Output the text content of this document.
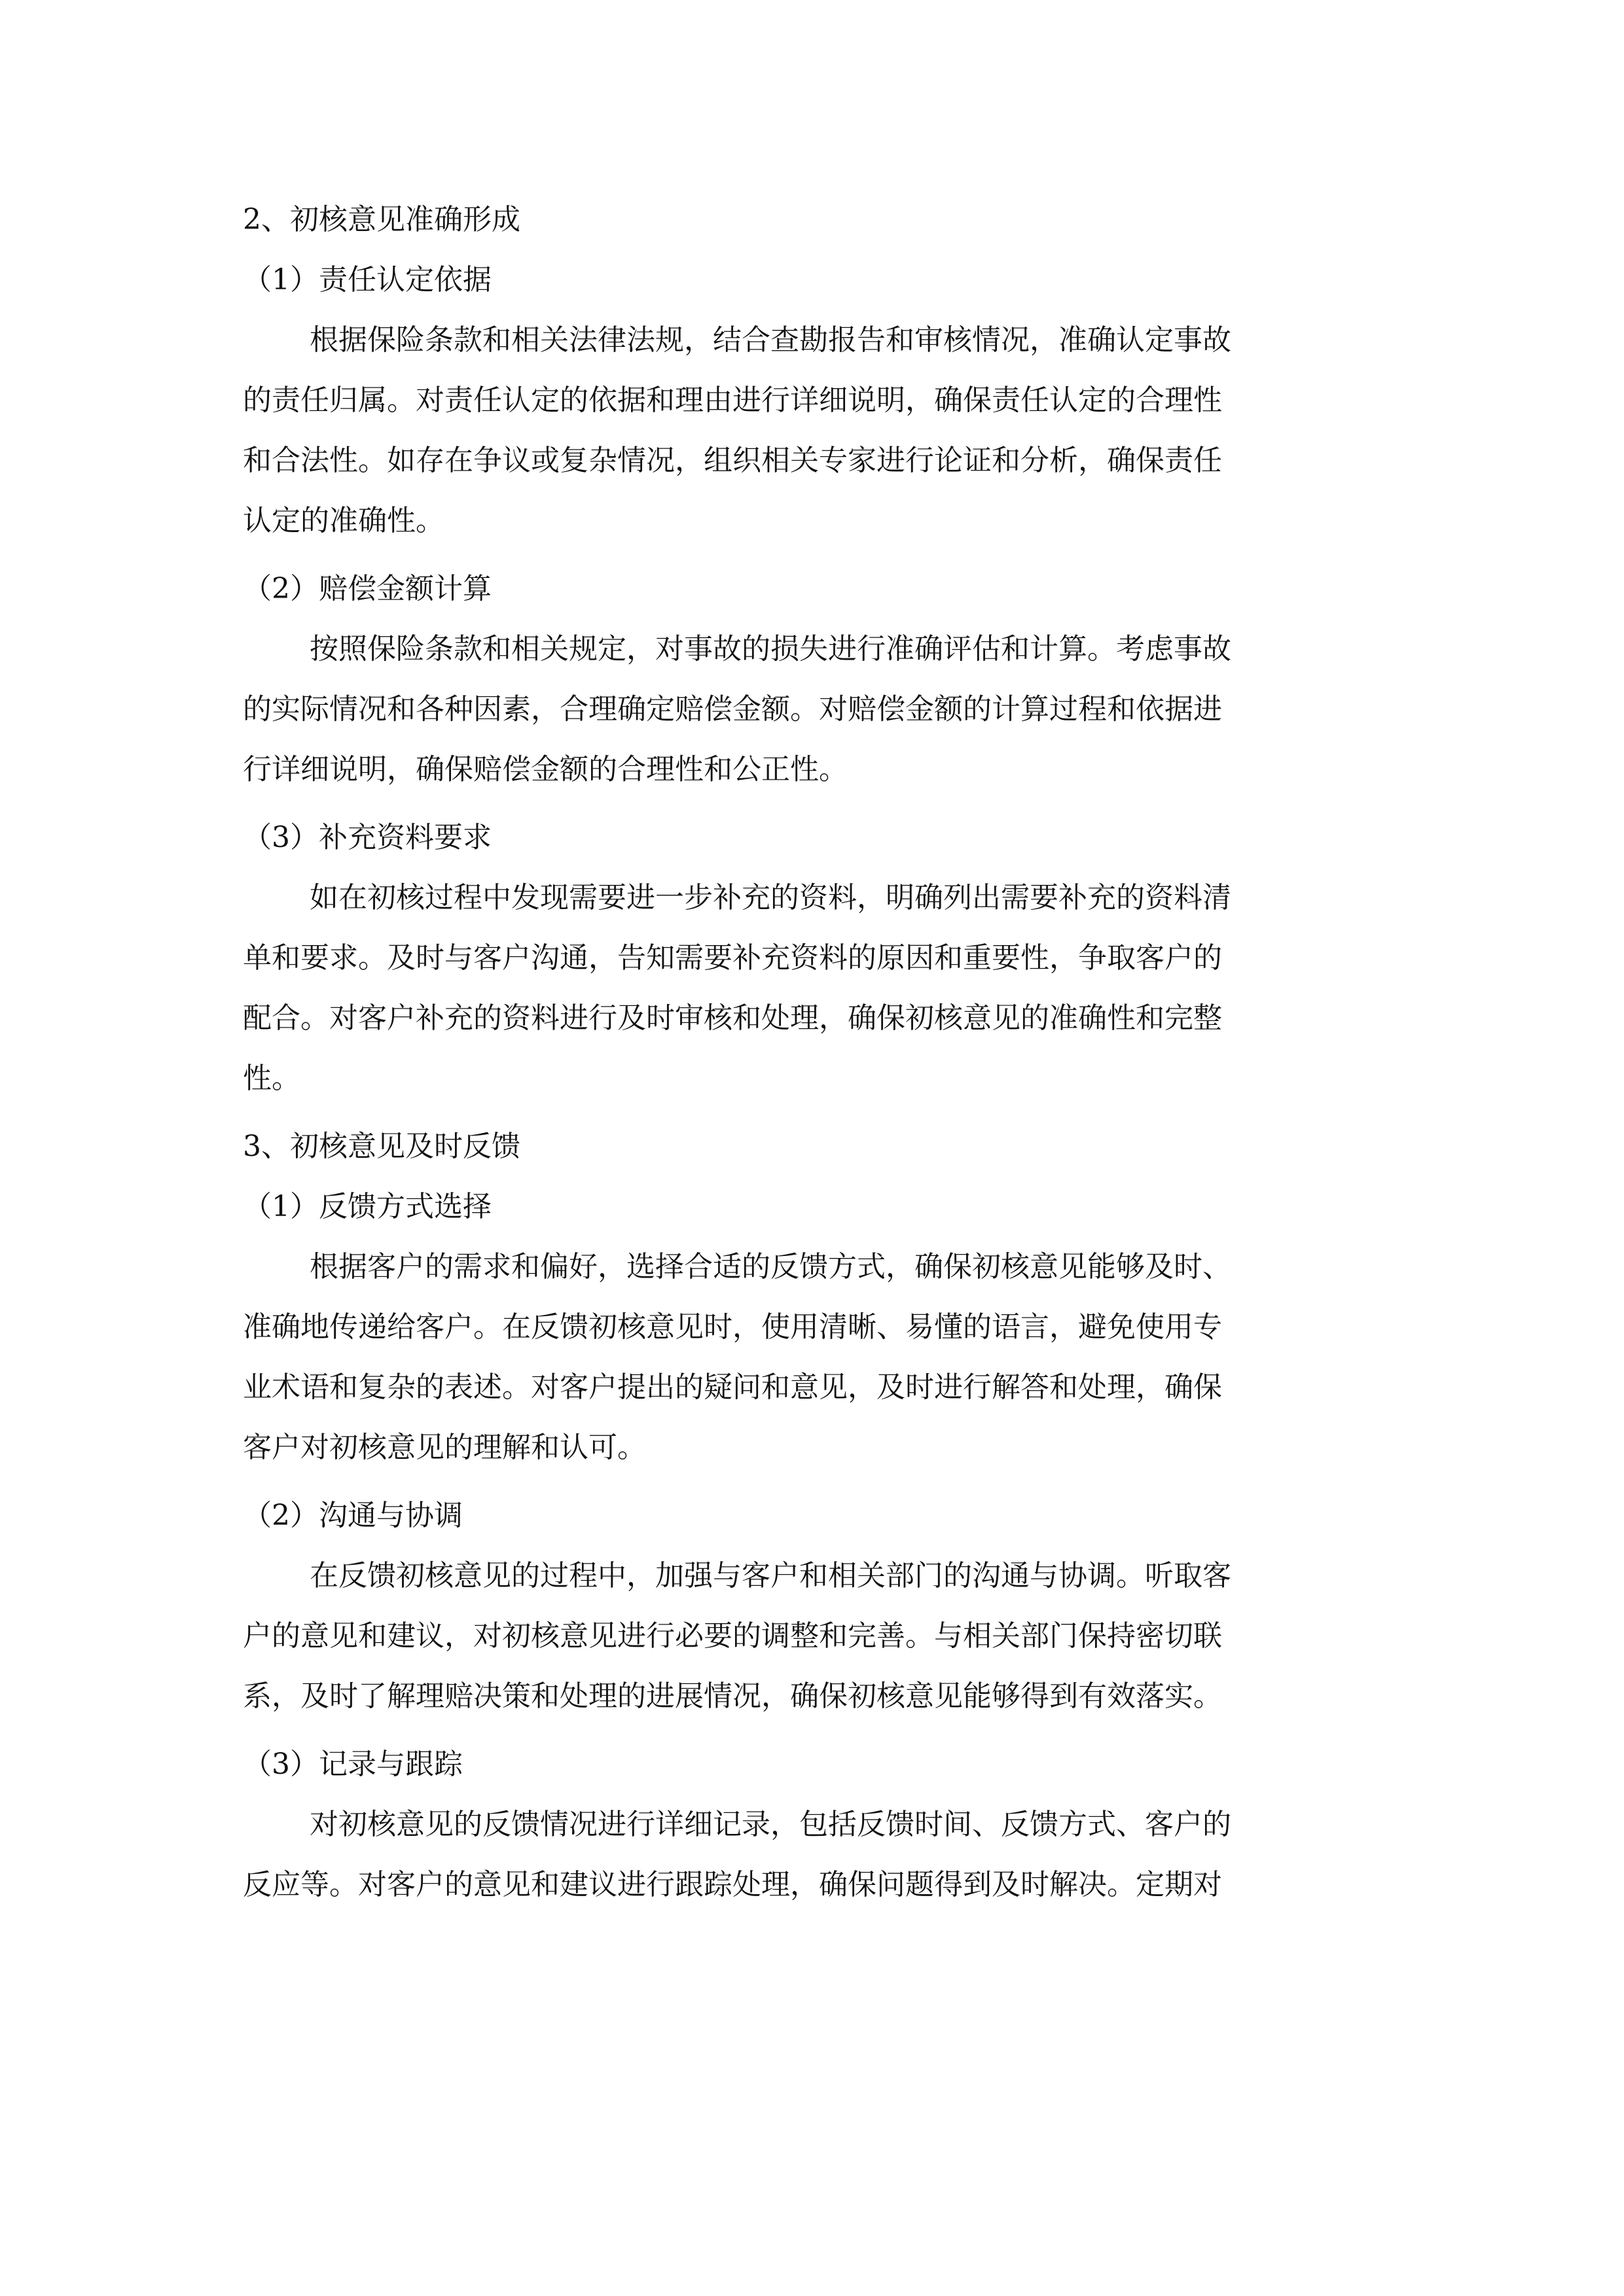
2、初核意见准确形成
（1）责任认定依据
根据保险条款和相关法律法规，结合查勘报告和审核情况，准确认定事故
的责任归属。对责任认定的依据和理由进行详细说明，确保责任认定的合理性
和合法性。如存在争议或复杂情况，组织相关专家进行论证和分析，确保责任
认定的准确性。
（2）赔偿金额计算
按照保险条款和相关规定，对事故的损失进行准确评估和计算。考虑事故
的实际情况和各种因素，合理确定赔偿金额。对赔偿金额的计算过程和依据进
行详细说明，确保赔偿金额的合理性和公正性。
（3）补充资料要求
如在初核过程中发现需要进一步补充的资料，明确列出需要补充的资料清
单和要求。及时与客户沟通，告知需要补充资料的原因和重要性，争取客户的
配合。对客户补充的资料进行及时审核和处理，确保初核意见的准确性和完整
性。
3、初核意见及时反馈
（1）反馈方式选择
根据客户的需求和偏好，选择合适的反馈方式，确保初核意见能够及时、
准确地传递给客户。在反馈初核意见时，使用清晰、易懂的语言，避免使用专
业术语和复杂的表述。对客户提出的疑问和意见，及时进行解答和处理，确保
客户对初核意见的理解和认可。
（2）沟通与协调
在反馈初核意见的过程中，加强与客户和相关部门的沟通与协调。听取客
户的意见和建议，对初核意见进行必要的调整和完善。与相关部门保持密切联
系，及时了解理赔决策和处理的进展情况，确保初核意见能够得到有效落实。
（3）记录与跟踪
对初核意见的反馈情况进行详细记录，包括反馈时间、反馈方式、客户的
反应等。对客户的意见和建议进行跟踪处理，确保问题得到及时解决。定期对
